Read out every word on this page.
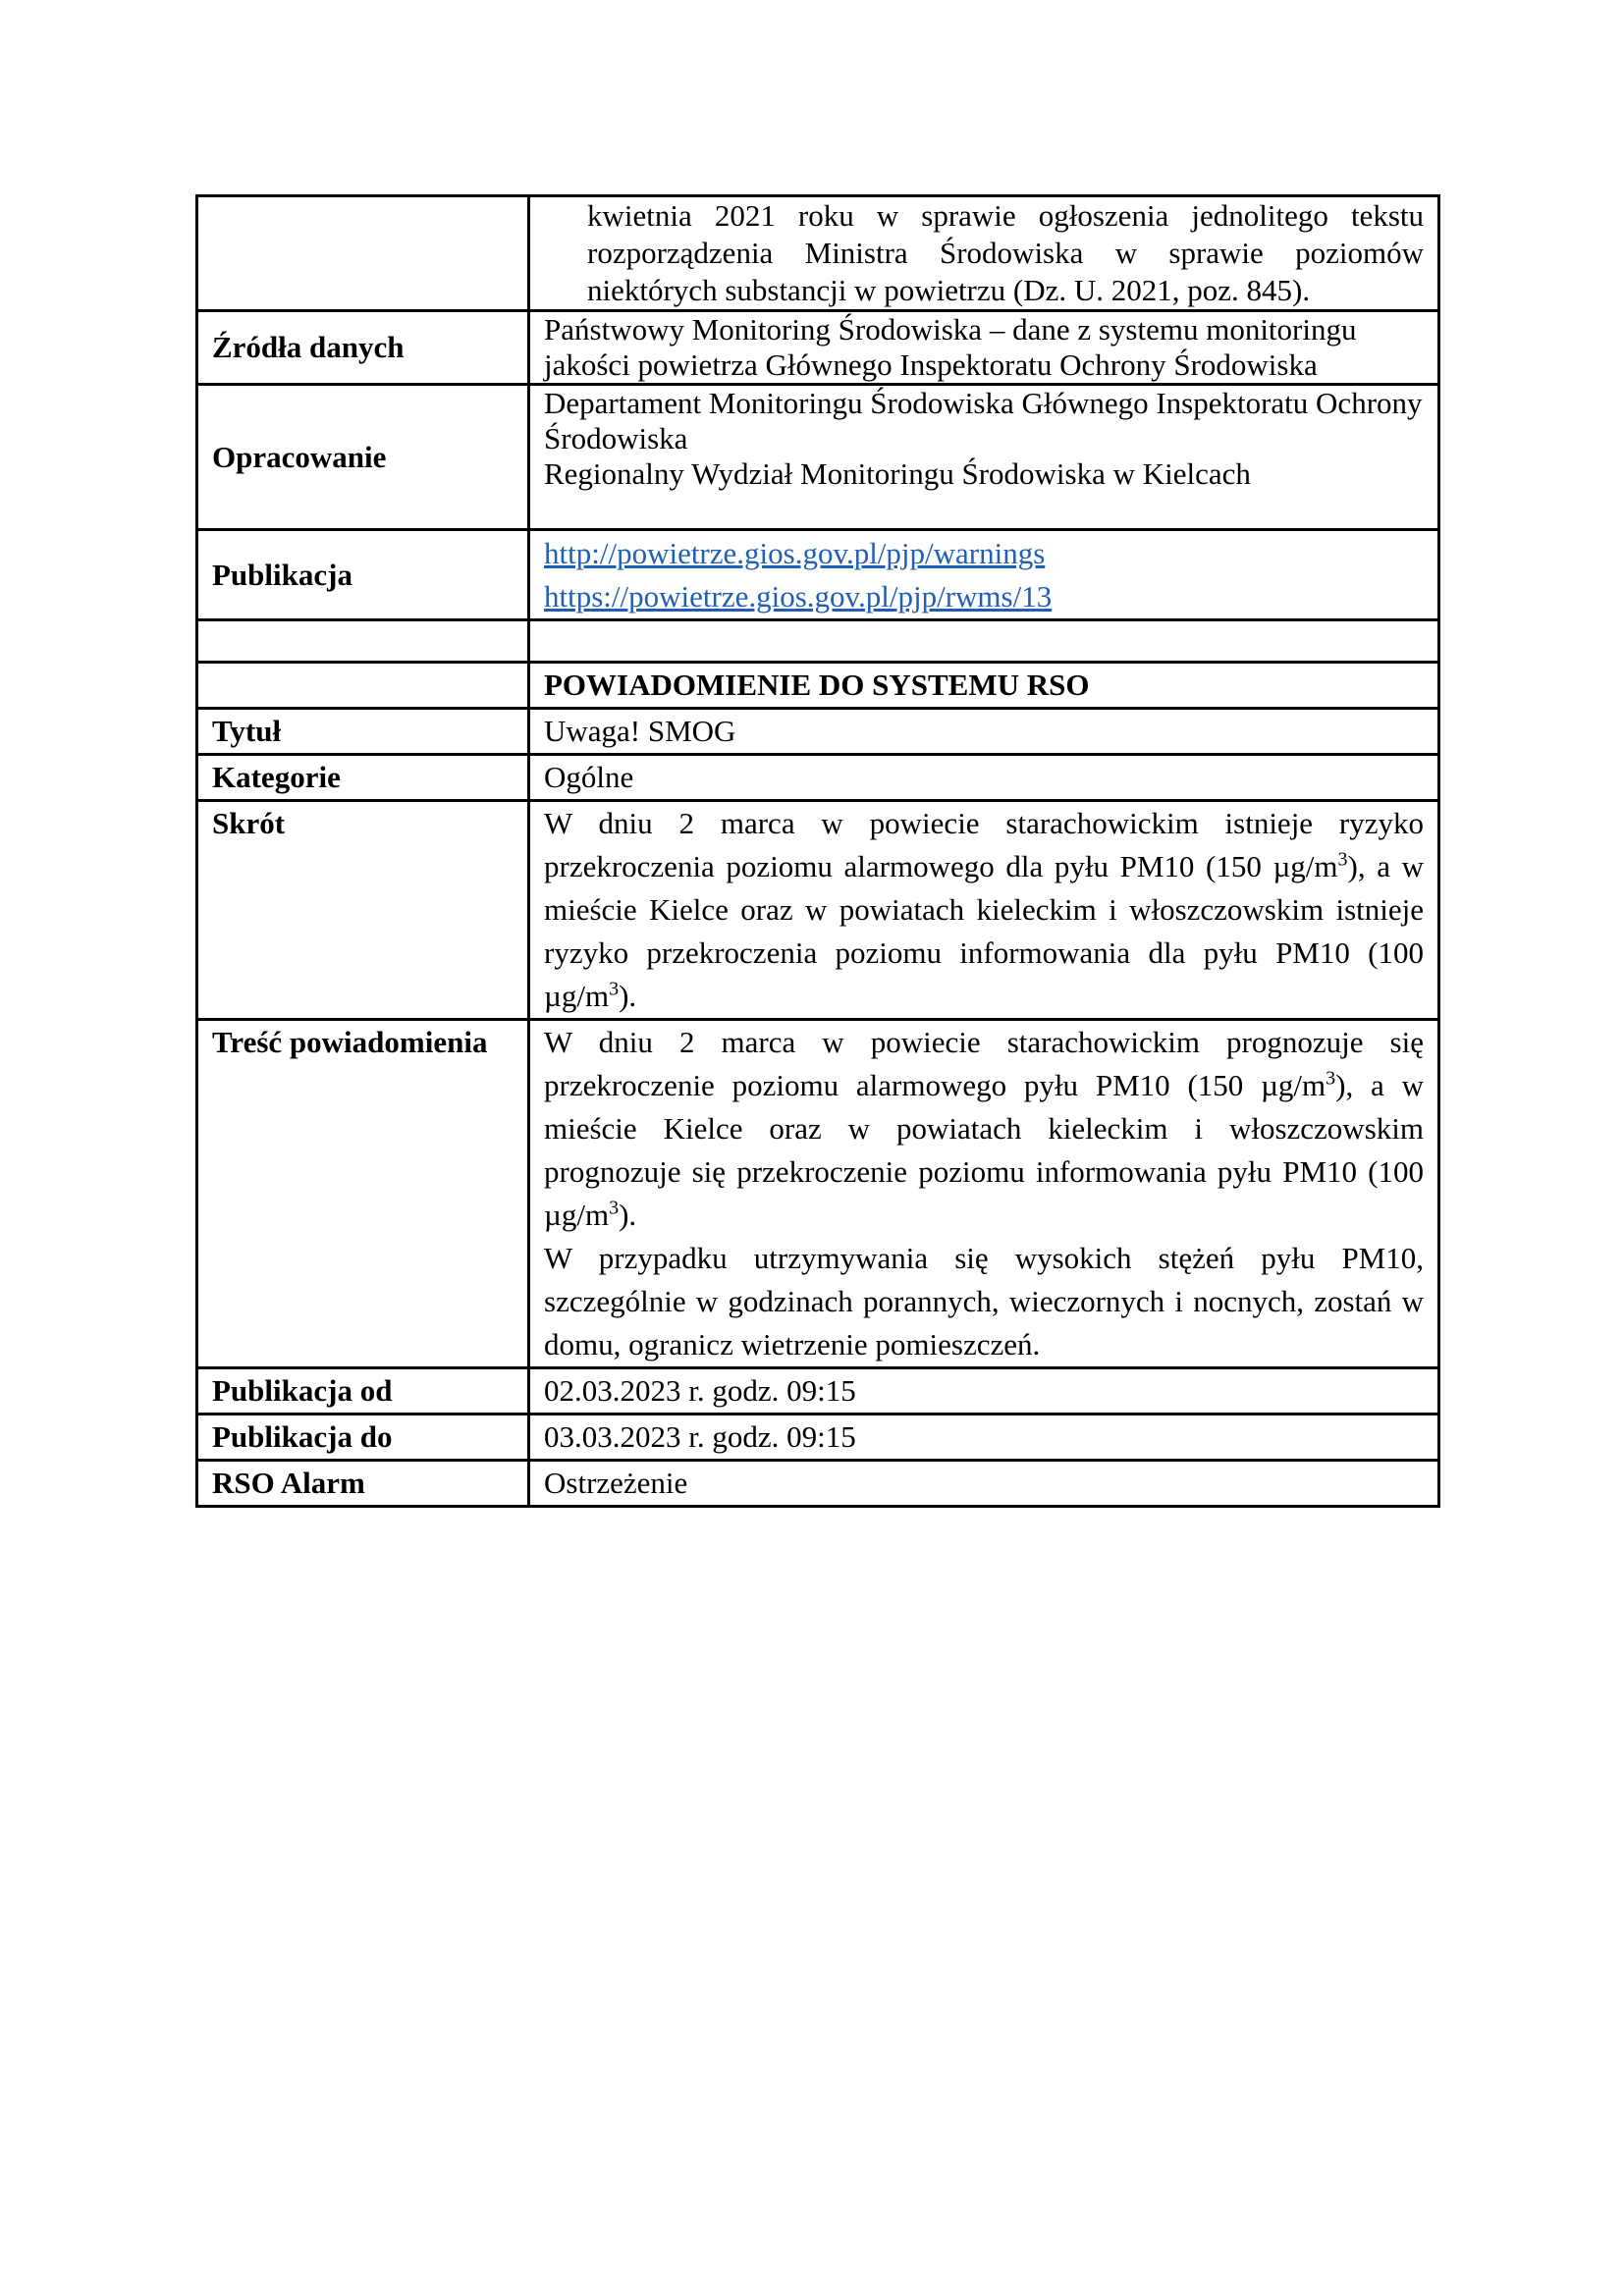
	kwietnia 2021 roku w sprawie ogłoszenia jednolitego tekstu rozporządzenia Ministra Środowiska w sprawie poziomów niektórych substancji w powietrzu (Dz. U. 2021, poz. 845).
Źródła danych	Państwowy Monitoring Środowiska – dane z systemu monitoringu jakości powietrza Głównego Inspektoratu Ochrony Środowiska
Opracowanie	Departament Monitoringu Środowiska Głównego Inspektoratu Ochrony Środowiska

Regionalny Wydział Monitoringu Środowiska w Kielcach

Publikacja	http://powietrze.gios.gov.pl/pjp/warnings
https://powietrze.gios.gov.pl/pjp/rwms/13

	POWIADOMIENIE DO SYSTEMU RSO
Tytuł	Uwaga! SMOG
Kategorie	Ogólne
Skrót	W dniu 2 marca w powiecie starachowickim istnieje ryzyko przekroczenia poziomu alarmowego dla pyłu PM10 (150 $\mu g/m^3$), a w mieście Kielce oraz w powiatach kieleckim i włoszczowskim istnieje ryzyko przekroczenia poziomu informowania dla pyłu PM10 (100 $\mu g/m^3$).
Treść powiadomienia	W dniu 2 marca w powiecie starachowickim prognozuje się przekroczenie poziomu alarmowego pyłu PM10 (150 $\mu g/m^3$), a w mieście Kielce oraz w powiatach kieleckim i włoszczowskim prognozuje się przekroczenie poziomu informowania pyłu PM10 (100 $\mu g/m^3$).

W przypadku utrzymywania się wysokich stężeń pyłu PM10, szczególnie w godzinach porannych, wieczornych i nocnych, zostań w domu, ogranicz wietrzenie pomieszczeń.

Publikacja od	02.03.2023 r. godz. 09:15
Publikacja do	03.03.2023 r. godz. 09:15
RSO Alarm	Ostrzeżenie
